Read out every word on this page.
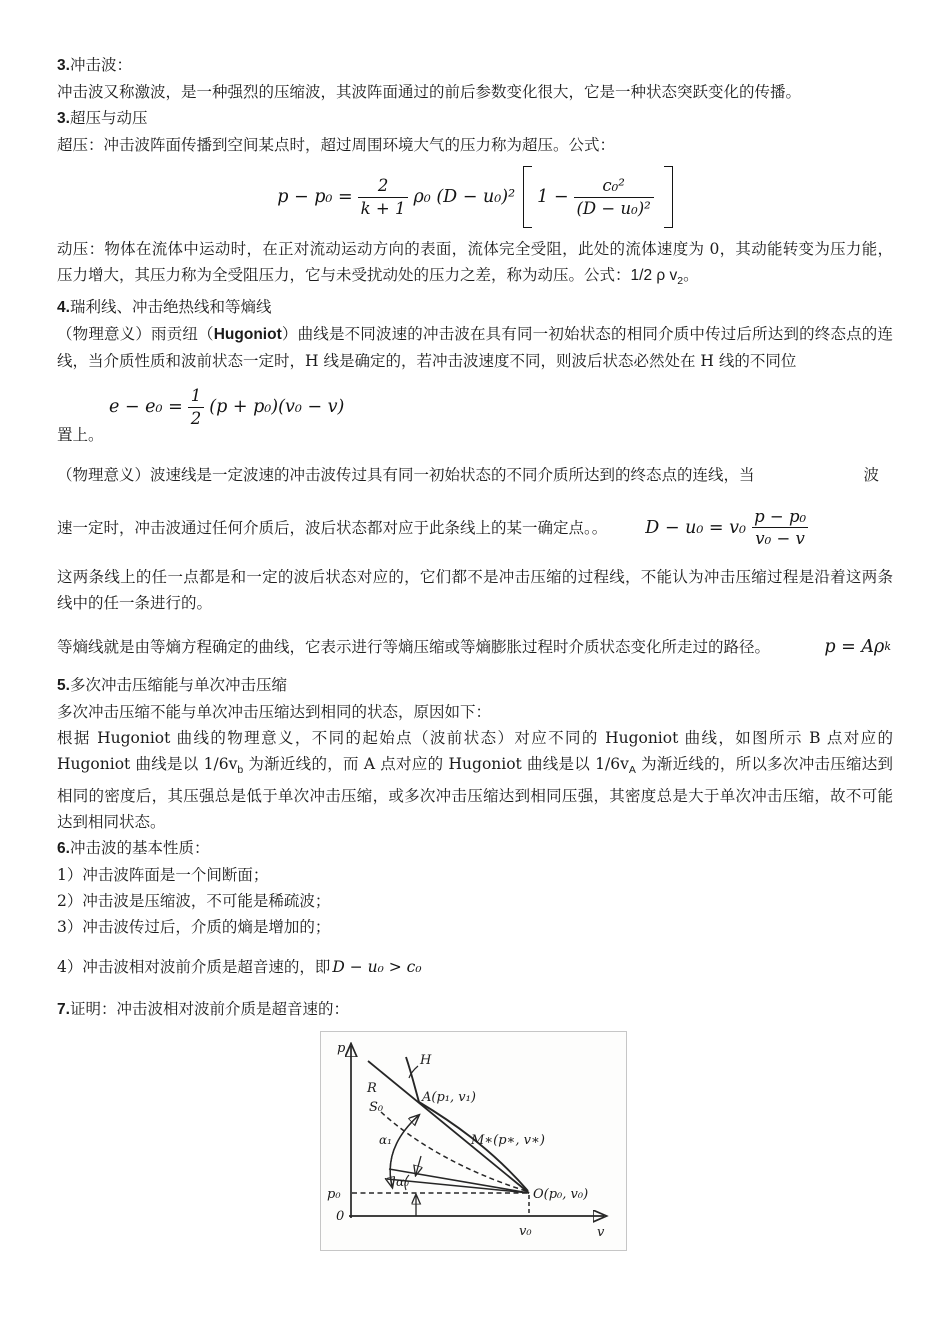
3.冲击波：

冲击波又称激波，是一种强烈的压缩波，其波阵面通过的前后参数变化很大，它是一种状态突跃变化的传播。

3.超压与动压

超压：冲击波阵面传播到空间某点时，超过周围环境大气的压力称为超压。公式：

$p - p_0 = \frac{2}{k + 1} \rho_0$ (D − u₀)² $1 - \frac{\text{c₀²}}{\text{(D − u₀)²}}$

动压：物体在流体中运动时，在正对流动运动方向的表面，流体完全受阻，此处的流体速度为 0，其动能转变为压力能，压力增大，其压力称为全受阻压力，它与未受扰动处的压力之差，称为动压。公式：1/2 ρ $v_2$。

4.瑞利线、冲击绝热线和等熵线

（物理意义）雨贡纽（Hugoniot）曲线是不同波速的冲击波在具有同一初始状态的相同介质中传过后所达到的终态点的连线，当介质性质和波前状态一定时，H 线是确定的，若冲击波速度不同，则波后状态必然处在 H 线的不同位

$e - e_0 = \frac{1}{2} (p + p_0)(v_0 - v)$

置上。

（物理意义）波速线是一定波速的冲击波传过具有同一初始状态的不同介质所达到的终态点的连线，当	波
速一定时，冲击波通过任何介质后，波后状态都对应于此条线上的某一确定点。。 $D - u_0 = v_0 \frac{\text{p − p₀}}{\text{v₀ − v}}$

这两条线上的任一点都是和一定的波后状态对应的，它们都不是冲击压缩的过程线，不能认为冲击压缩过程是沿着这两条线中的任一条进行的。

等熵线就是由等熵方程确定的曲线，它表示进行等熵压缩或等熵膨胀过程时介质状态变化所走过的路径。	p = Aρ k

5.多次冲击压缩能与单次冲击压缩

多次冲击压缩不能与单次冲击压缩达到相同的状态，原因如下：

根据 Hugoniot 曲线的物理意义，不同的起始点（波前状态）对应不同的 Hugoniot 曲线，如图所示 B 点对应的 Hugoniot 曲线是以 $1/6v_b$ 为渐近线的，而 A 点对应的 Hugoniot 曲线是以 $1/6v_A$ 为渐近线的，所以多次冲击压缩达到相同的密度后，其压强总是低于单次冲击压缩，或多次冲击压缩达到相同压强，其密度总是大于单次冲击压缩，故不可能达到相同状态。

6.冲击波的基本性质：

1）冲击波阵面是一个间断面；

2）冲击波是压缩波，不可能是稀疏波；

3）冲击波传过后，介质的熵是增加的；

4）冲击波相对波前介质是超音速的，即 D − u₀ > c₀

7.证明：冲击波相对波前介质是超音速的：

p
v
0
p₀
v₀
O(p₀, v₀)
A(p₁, v₁)
M∗(p∗, v∗)
H
R
S₀
α₁
α₀
